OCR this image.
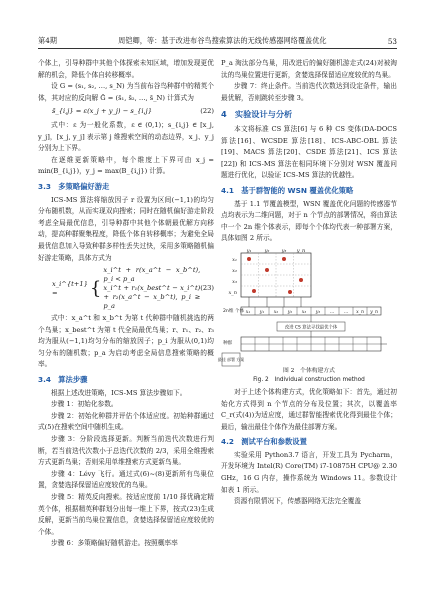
第4期	周铠卿，等：基于改进布谷鸟搜索算法的无线传感器网络覆盖优化	53

个体上，引导种群中其他个体探索未知区域，增加发现更优解的机会，降低个体自转移概率。

设 G = (s₁, s₂, …, s_N) 为当前布谷鸟种群中的精英个体，其对应的反向解 Ḡ = (s̄₁, s̄₂, …, s̄_N) 计算式为

s̄_{i,j} = ε(x_j + y_j) − s_{i,j}	(22)

式中：ε 为一般化系数，ε ∈ (0,1)；s_{i,j} ∈ [x_j, y_j]，[x_j, y_j] 表示第 j 维搜索空间的动态边界，x_j、y_j 分别为上下界。

在逐维更新策略中，每个维度上下界可由 x_j = min(B_{i,j})，y_j = max(B_{i,j}) 计算。

3.3　多策略偏好游走

ICS-MS 算法将缩放因子 r 设置为区间(−1,1)的均匀分布随机数，从而实现双向搜索；同时在随机偏好游走阶段考虑全局最优信息，引导种群中其他个体朝最优解方向移动，提高种群聚集程度，降低个体自转移概率；为避免全局最优信息加入导致种群多样性丢失过快，采用多策略随机偏好游走策略，具体方式为

x_i^{t+1} =	{
x_i^t + r(x_a^t − x_b^t), p_i < p_a
x_i^t + r₁(x_best^t − x_i^t) + r₂(x_a^t − x_b^t), p_i ≥ p_a
(23)

式中：x_a^t 和 x_b^t 为第 t 代种群中随机挑选的两个鸟巢；x_best^t 为第 t 代全局最优鸟巢；r、r₁、r₂、r₃ 均为服从(−1,1)均匀分布的缩放因子；p_i 为服从(0,1)均匀分布的随机数；p_a 为启动考虑全局信息搜索策略的概率。

3.4　算法步骤

根据上述改进策略，ICS-MS 算法步骤如下。

步骤 1：初始化参数。

步骤 2：初始化种群并评估个体适应度。初始种群通过式(5)在搜索空间中随机生成。

步骤 3：分阶段选择更新。判断当前迭代次数进行判断，若当前迭代次数小于总迭代次数的 2/3，采用全维搜索方式更新鸟巢；否则采用单维搜索方式更新鸟巢。

步骤 4：Lévy 飞行。通过式(6)~(8)更新所有鸟巢位置，贪婪选择保留适应度较优的鸟巢。

步骤 5：精英反向搜索。按适应度前 1/10 择优确定精英个体，根据精英种群划分出每一维上下界，按式(23)生成反解，更新当前鸟巢位置信息，贪婪选择保留适应度较优的个体。

步骤 6：多策略偏好随机游走。按照概率率

P_a 淘汰部分鸟巢，用改进后的偏好随机游走式(24)对被淘汰的鸟巢位置进行更新，贪婪选择保留适应度较优的鸟巢。

步骤 7：终止条件。当前迭代次数达到设定条件，输出最优解，否则跳转至步骤 3。

4　实验设计与分析

本文将标准 CS 算法[6] 与 6 种 CS 变体(DA-DOCS 算法[16]、WCSDE 算法[18]、ICS-ABC-OBL 算法[19]、MACS 算法[20]、CSDE 算法[21]、ICS 算法[22]) 和 ICS-MS 算法在相同环境下分别对 WSN 覆盖问题进行优化，以验证 ICS-MS 算法的优越性。

4.1　基于群智能的 WSN 覆盖优化策略

基于 1.1 节覆盖模型，WSN 覆盖优化问题的传感器节点均表示为二维问题，对于 n 个节点的部署情况，将由算法中一个 2n 维个体表示，即每个个体均代表一种部署方案，具体如图 2 所示。

y₁	y₂ y₃ y_n
x₁
x₂
x₃
x_n
2n维 个体 x₁ y₁ x₂ y₂ x₃ y₃ … … x_n y_n
改进 CS 算法寻找最优个体
种群
最佳 部署 方案
图 2　个体构建方式
Fig. 2　Individual construction method

对于上述个体构建方式，优化策略如下：首先，通过初始化方式得到 n 个节点的分布及位置；其次，以覆盖率 C_r(式(4))为适应度，通过群智能搜索优化得到最佳个体；最后，输出最佳个体作为最佳部署方案。

4.2　测试平台和参数设置

实验采用 Python3.7 语言，开发工具为 Pycharm，开发环境为 Intel(R) Core(TM) i7-10875H CPU@ 2.30 GHz，16 G 内存，操作系统为 Windows 11。参数设计如表 1 所示。

资源有限情况下，传感器网络无法完全覆盖
